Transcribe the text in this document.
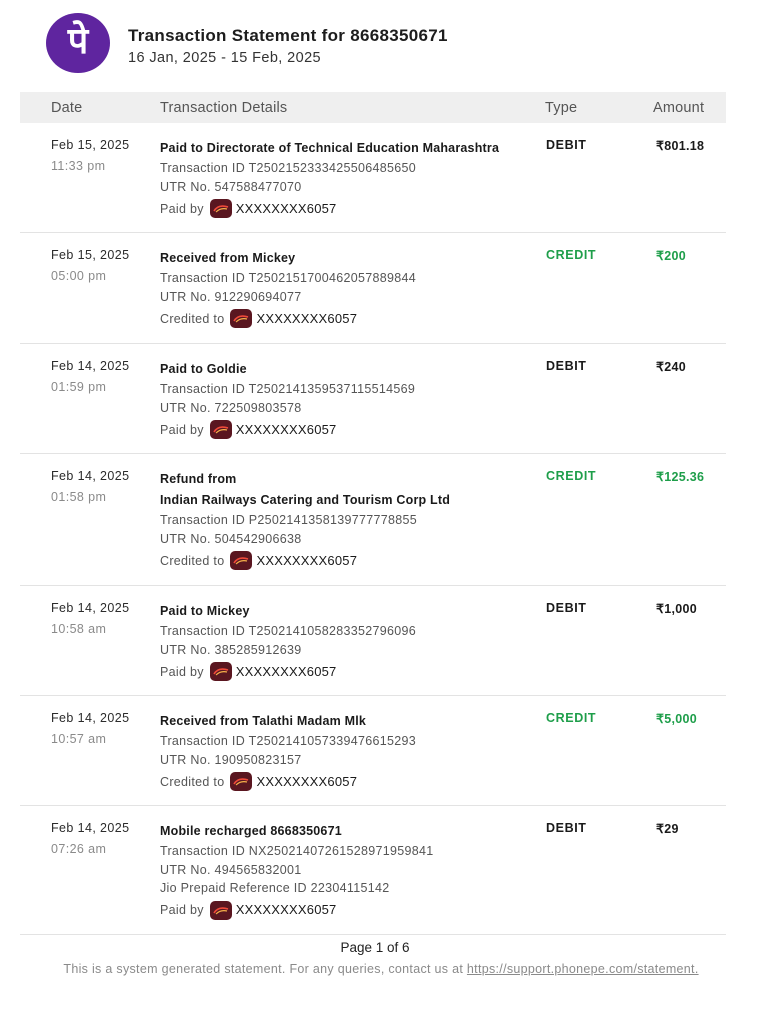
पे	Transaction Statement for 8668350671
16 Jan, 2025 - 15 Feb, 2025
Date	Transaction Details	Type	Amount
Feb 15, 2025
11:33 pm
Paid to Directorate of Technical Education Maharashtra
Transaction ID T2502152333425506485650
UTR No. 547588477070
Paid by XXXXXXXX6057
DEBIT	₹801.18
Feb 15, 2025
05:00 pm
Received from Mickey
Transaction ID T2502151700462057889844
UTR No. 912290694077
Credited to XXXXXXXX6057
CREDIT	₹200
Feb 14, 2025
01:59 pm
Paid to Goldie
Transaction ID T2502141359537115514569
UTR No. 722509803578
Paid by XXXXXXXX6057
DEBIT	₹240
Feb 14, 2025
01:58 pm
Refund from
Indian Railways Catering and Tourism Corp Ltd
Transaction ID P2502141358139777778855
UTR No. 504542906638
Credited to XXXXXXXX6057
CREDIT	₹125.36
Feb 14, 2025
10:58 am
Paid to Mickey
Transaction ID T2502141058283352796096
UTR No. 385285912639
Paid by XXXXXXXX6057
DEBIT	₹1,000
Feb 14, 2025
10:57 am
Received from Talathi Madam Mlk
Transaction ID T2502141057339476615293
UTR No. 190950823157
Credited to XXXXXXXX6057
CREDIT	₹5,000
Feb 14, 2025
07:26 am
Mobile recharged 8668350671
Transaction ID NX25021407261528971959841
UTR No. 494565832001
Jio Prepaid Reference ID 22304115142
Paid by XXXXXXXX6057
DEBIT	₹29
Page 1 of 6
This is a system generated statement. For any queries, contact us at https://support.phonepe.com/statement.
